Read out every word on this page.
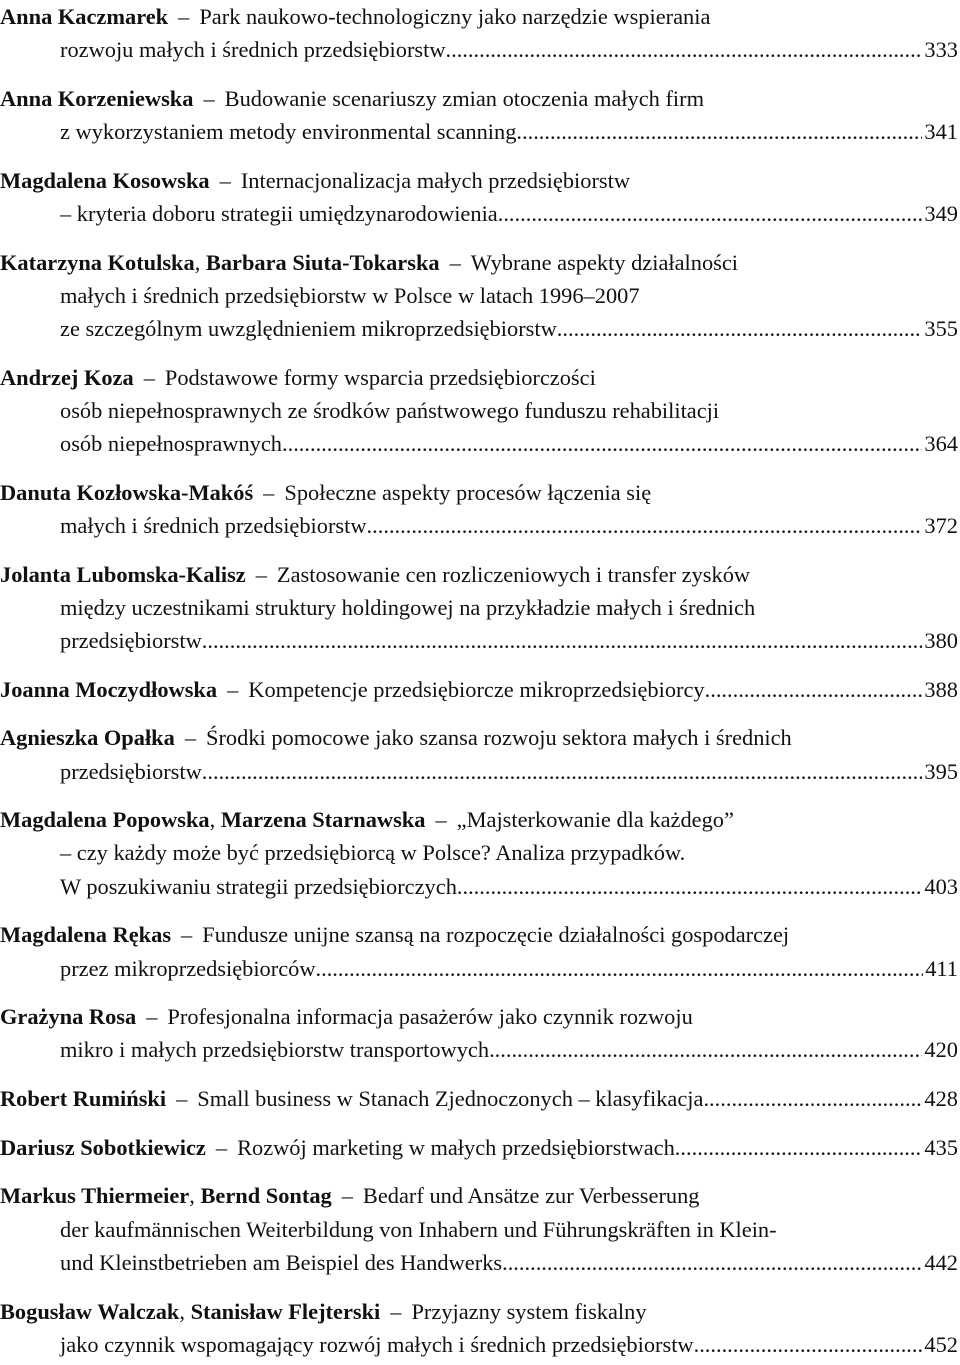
Anna Kaczmarek – Park naukowo-technologiczny jako narzędzie wspierania
rozwoju małych i średnich przedsiębiorstw .....	333
Anna Korzeniewska – Budowanie scenariuszy zmian otoczenia małych firm
z wykorzystaniem metody environmental scanning .....	341
Magdalena Kosowska – Internacjonalizacja małych przedsiębiorstw
– kryteria doboru strategii umiędzynarodowienia .....	349
Katarzyna Kotulska, Barbara Siuta-Tokarska – Wybrane aspekty działalności
małych i średnich przedsiębiorstw w Polsce w latach 1996–2007
ze szczególnym uwzględnieniem mikroprzedsiębiorstw .....	355
Andrzej Koza – Podstawowe formy wsparcia przedsiębiorczości
osób niepełnosprawnych ze środków państwowego funduszu rehabilitacji
osób niepełnosprawnych .....	364
Danuta Kozłowska-Makóś – Społeczne aspekty procesów łączenia się
małych i średnich przedsiębiorstw .....	372
Jolanta Lubomska-Kalisz – Zastosowanie cen rozliczeniowych i transfer zysków
między uczestnikami struktury holdingowej na przykładzie małych i średnich
przedsiębiorstw .....	380
Joanna Moczydłowska – Kompetencje przedsiębiorcze mikroprzedsiębiorcy .....	388
Agnieszka Opałka – Środki pomocowe jako szansa rozwoju sektora małych i średnich
przedsiębiorstw .....	395
Magdalena Popowska, Marzena Starnawska – „Majsterkowanie dla każdego”
– czy każdy może być przedsiębiorcą w Polsce? Analiza przypadków.
W poszukiwaniu strategii przedsiębiorczych .....	403
Magdalena Rękas – Fundusze unijne szansą na rozpoczęcie działalności gospodarczej
przez mikroprzedsiębiorców .....	411
Grażyna Rosa – Profesjonalna informacja pasażerów jako czynnik rozwoju
mikro i małych przedsiębiorstw transportowych .....	420
Robert Rumiński – Small business w Stanach Zjednoczonych – klasyfikacja .....	428
Dariusz Sobotkiewicz – Rozwój marketing w małych przedsiębiorstwach .....	435
Markus Thiermeier, Bernd Sontag – Bedarf und Ansätze zur Verbesserung
der kaufmännischen Weiterbildung von Inhabern und Führungskräften in Klein-
und Kleinstbetrieben am Beispiel des Handwerks .....	442
Bogusław Walczak, Stanisław Flejterski – Przyjazny system fiskalny
jako czynnik wspomagający rozwój małych i średnich przedsiębiorstw .....	452
